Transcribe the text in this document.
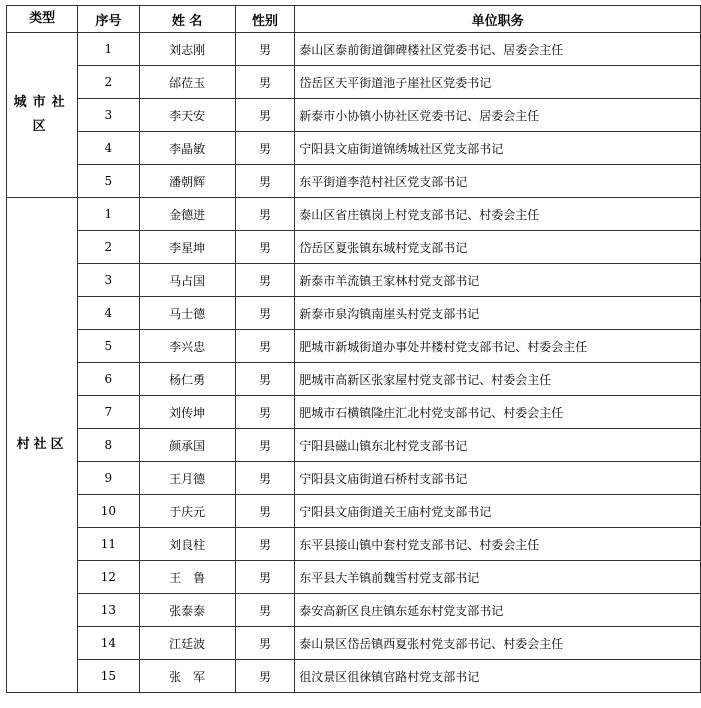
类型	序号	姓 名	性别	单位职务
城市社区	1	刘志刚	男	泰山区泰前街道御碑楼社区党委书记、居委会主任
	2	邰莅玉	男	岱岳区天平街道池子崖社区党委书记
	3	李天安	男	新泰市小协镇小协社区党委书记、居委会主任
	4	李晶敏	男	宁阳县文庙街道锦绣城社区党支部书记
	5	潘朝辉	男	东平街道李范村社区党支部书记
村社区	1	金德进	男	泰山区省庄镇岗上村党支部书记、村委会主任
	2	李星坤	男	岱岳区夏张镇东城村党支部书记
	3	马占国	男	新泰市羊流镇王家林村党支部书记
	4	马士德	男	新泰市泉沟镇南崖头村党支部书记
	5	李兴忠	男	肥城市新城街道办事处井楼村党支部书记、村委会主任
	6	杨仁勇	男	肥城市高新区张家屋村党支部书记、村委会主任
	7	刘传坤	男	肥城市石横镇隆庄汇北村党支部书记、村委会主任
	8	颜承国	男	宁阳县磁山镇东北村党支部书记
	9	王月德	男	宁阳县文庙街道石桥村支部书记
	10	于庆元	男	宁阳县文庙街道关王庙村党支部书记
	11	刘良柱	男	东平县接山镇中套村党支部书记、村委会主任
	12	王　鲁	男	东平县大羊镇前魏雪村党支部书记
	13	张泰泰	男	泰安高新区良庄镇东延东村党支部书记
	14	江廷波	男	泰山景区岱岳镇西夏张村党支部书记、村委会主任
	15	张　军	男	徂汶景区徂徕镇官路村党支部书记
